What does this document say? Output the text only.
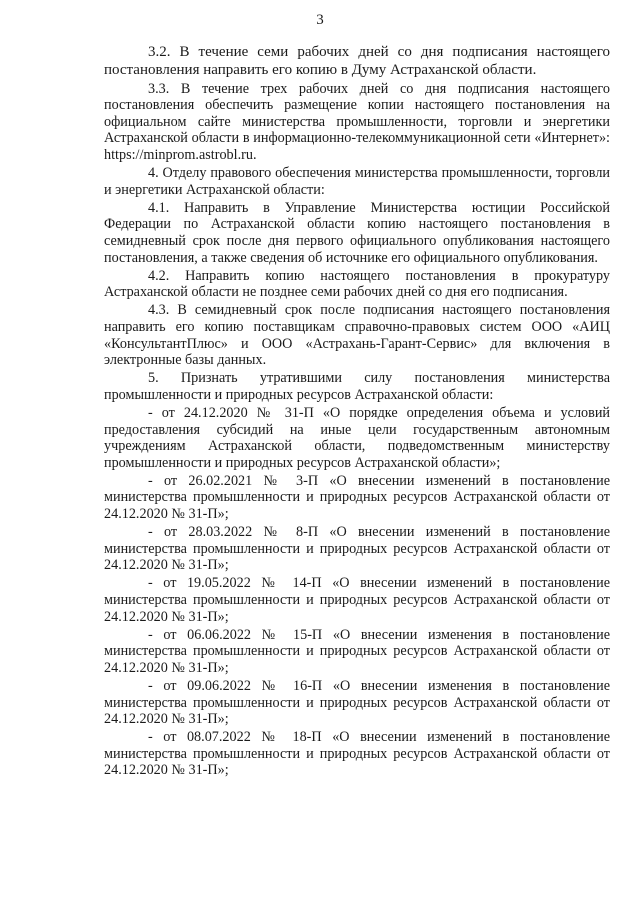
3

3.2. В течение семи рабочих дней со дня подписания настоящего постановления направить его копию в Думу Астраханской области.

3.3. В течение трех рабочих дней со дня подписания настоящего постановления обеспечить размещение копии настоящего постановления на официальном сайте министерства промышленности, торговли и энергетики Астраханской области в информационно-телекоммуникационной сети «Интернет»: https://minprom.astrobl.ru.

4. Отделу правового обеспечения министерства промышленности, торговли и энергетики Астраханской области:

4.1. Направить в Управление Министерства юстиции Российской Федерации по Астраханской области копию настоящего постановления в семидневный срок после дня первого официального опубликования настоящего постановления, а также сведения об источнике его официального опубликования.

4.2. Направить копию настоящего постановления в прокуратуру Астраханской области не позднее семи рабочих дней со дня его подписания.

4.3. В семидневный срок после подписания настоящего постановления направить его копию поставщикам справочно-правовых систем ООО «АИЦ «КонсультантПлюс» и ООО «Астрахань-Гарант-Сервис» для включения в электронные базы данных.

5. Признать утратившими силу постановления министерства промышленности и природных ресурсов Астраханской области:

- от 24.12.2020 № 31-П «О порядке определения объема и условий предоставления субсидий на иные цели государственным автономным учреждениям Астраханской области, подведомственным министерству промышленности и природных ресурсов Астраханской области»;

- от 26.02.2021 № 3-П «О внесении изменений в постановление министерства промышленности и природных ресурсов Астраханской области от 24.12.2020 № 31-П»;

- от 28.03.2022 № 8-П «О внесении изменений в постановление министерства промышленности и природных ресурсов Астраханской области от 24.12.2020 № 31-П»;

- от 19.05.2022 № 14-П «О внесении изменений в постановление министерства промышленности и природных ресурсов Астраханской области от 24.12.2020 № 31-П»;

- от 06.06.2022 № 15-П «О внесении изменения в постановление министерства промышленности и природных ресурсов Астраханской области от 24.12.2020 № 31-П»;

- от 09.06.2022 № 16-П «О внесении изменения в постановление министерства промышленности и природных ресурсов Астраханской области от 24.12.2020 № 31-П»;

- от 08.07.2022 № 18-П «О внесении изменений в постановление министерства промышленности и природных ресурсов Астраханской области от 24.12.2020 № 31-П»;
